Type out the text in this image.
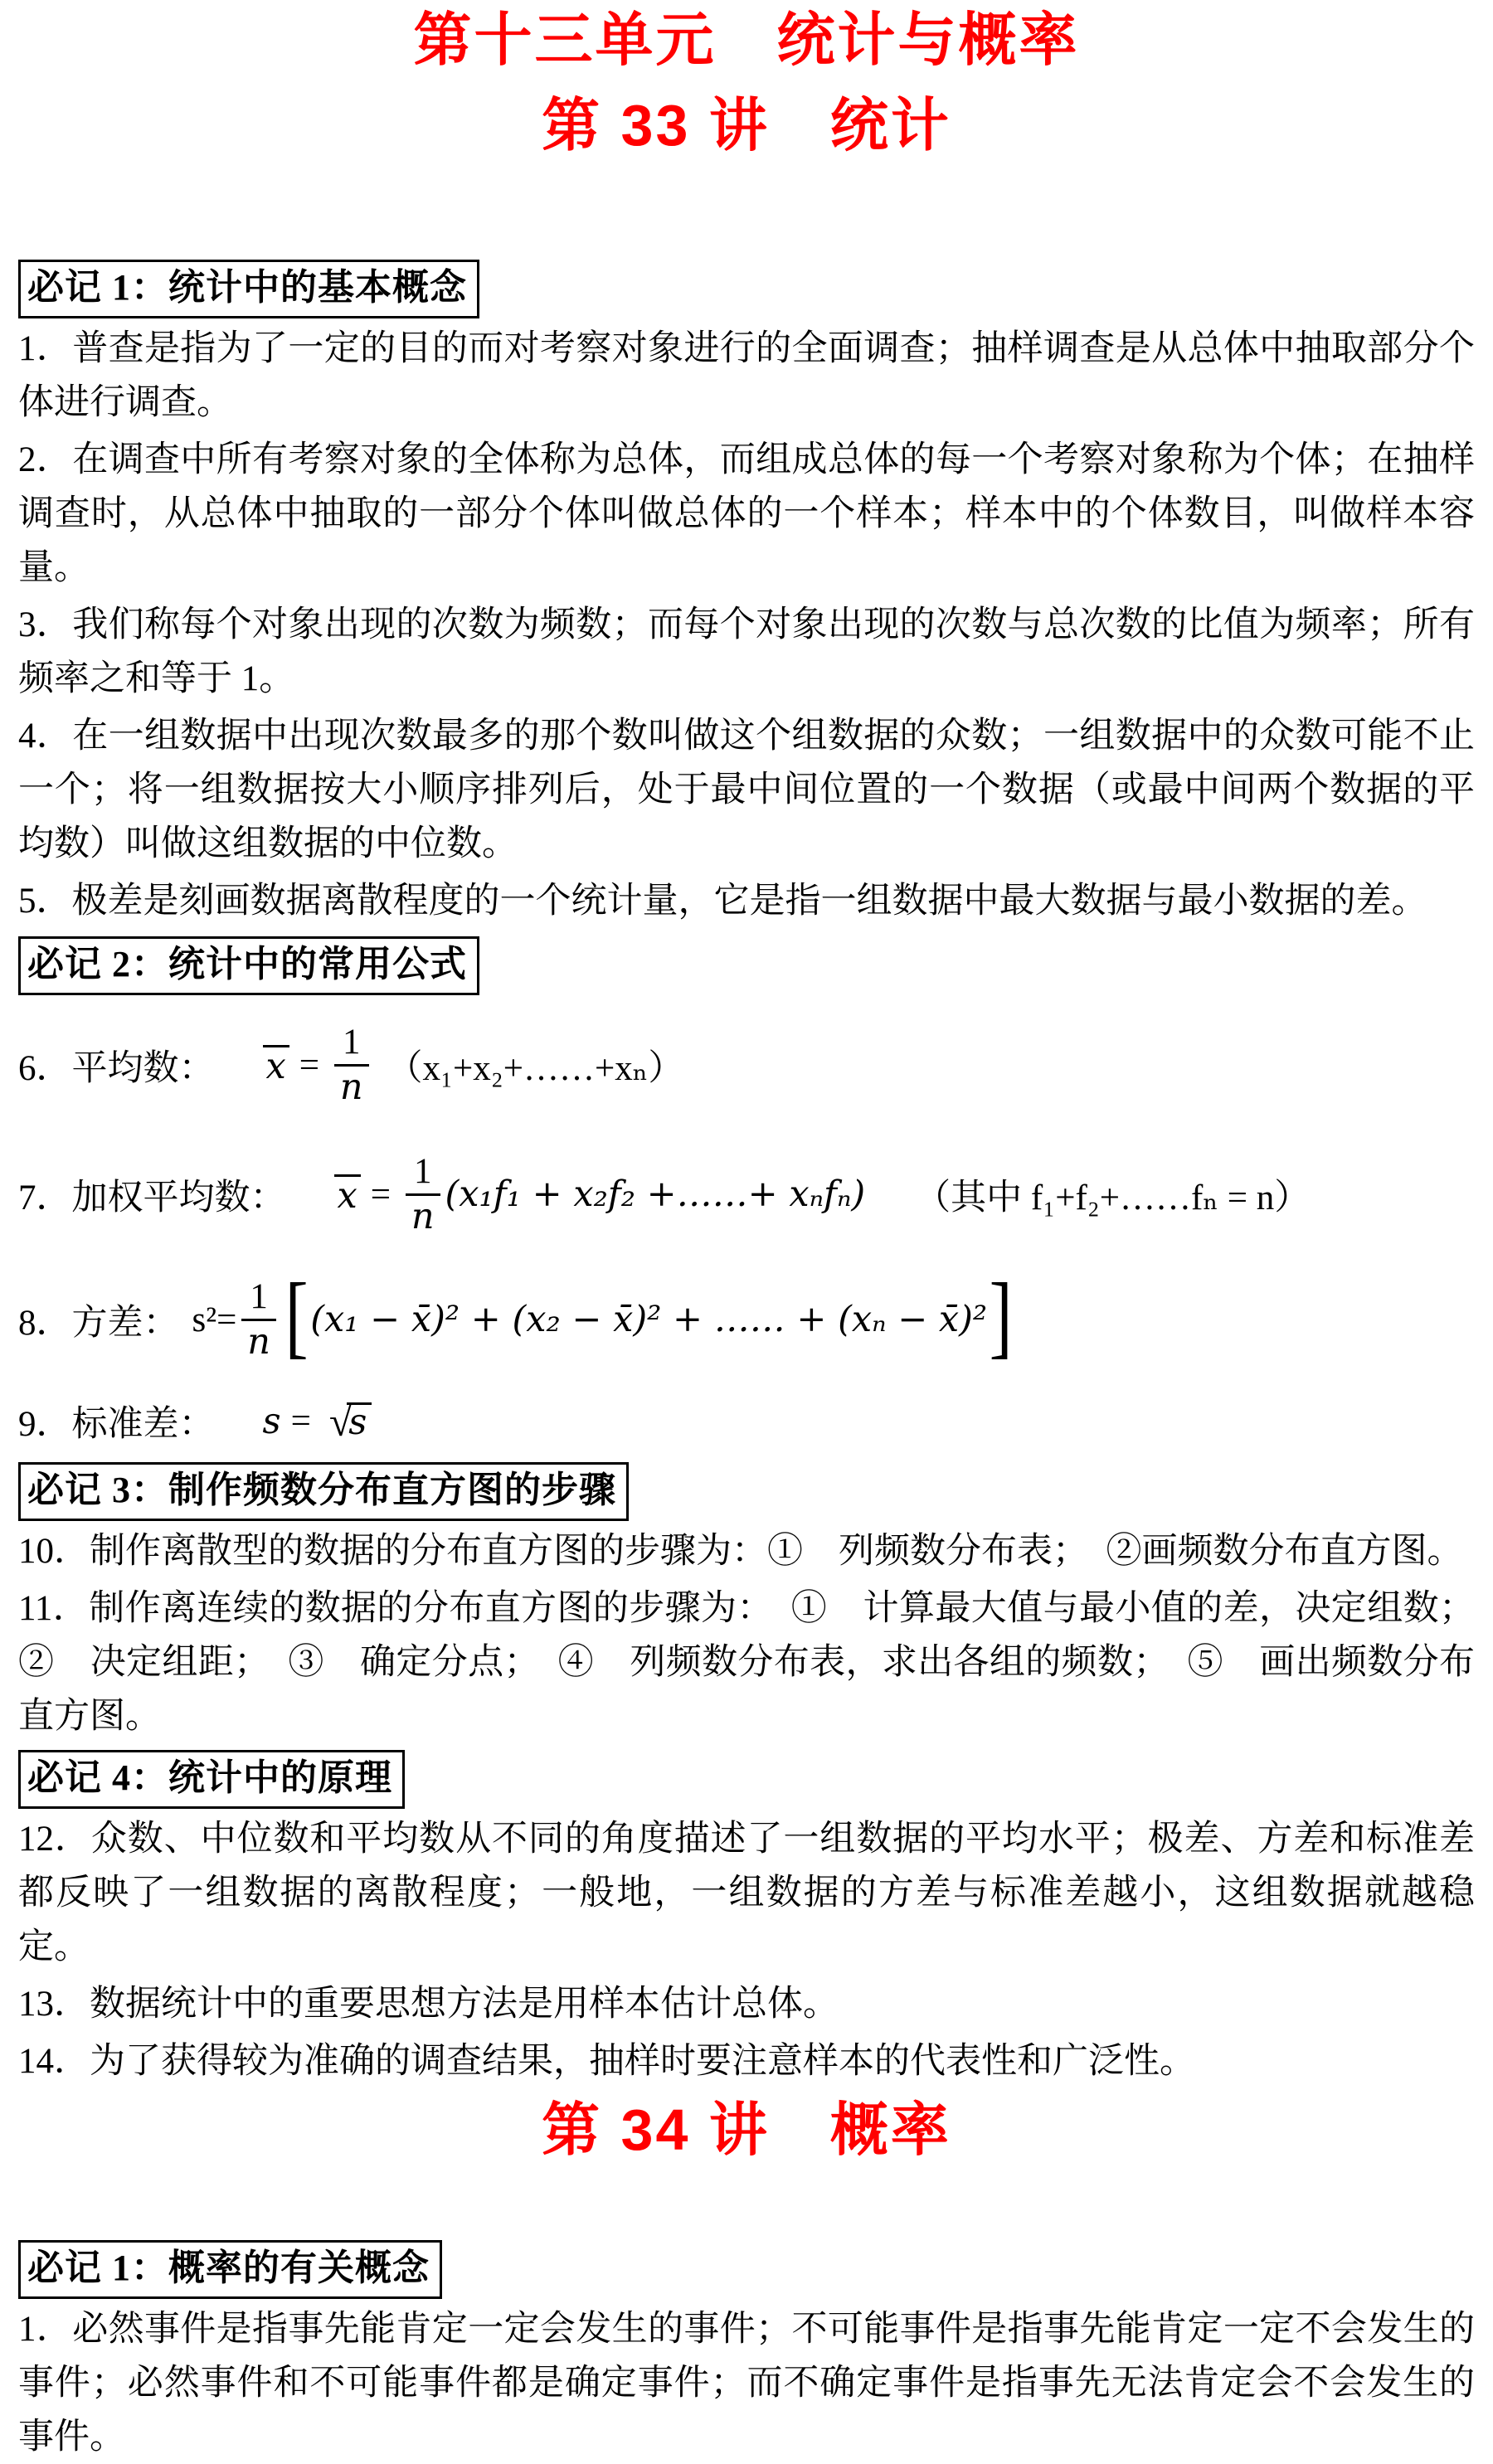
第十三单元　统计与概率
第 33 讲　统计
必记 1：统计中的基本概念

1．普查是指为了一定的目的而对考察对象进行的全面调查；抽样调查是从总体中抽取部分个体进行调查。

2．在调查中所有考察对象的全体称为总体，而组成总体的每一个考察对象称为个体；在抽样调查时，从总体中抽取的一部分个体叫做总体的一个样本；样本中的个体数目，叫做样本容量。

3．我们称每个对象出现的次数为频数；而每个对象出现的次数与总次数的比值为频率；所有频率之和等于 1。

4．在一组数据中出现次数最多的那个数叫做这个组数据的众数；一组数据中的众数可能不止一个；将一组数据按大小顺序排列后，处于最中间位置的一个数据（或最中间两个数据的平均数）叫做这组数据的中位数。

5．极差是刻画数据离散程度的一个统计量，它是指一组数据中最大数据与最小数据的差。

必记 2：统计中的常用公式
6．平均数： $x = \frac{1}{n}$ （x₁+x₂+……+xₙ）
7．加权平均数： $x = \frac{1}{n} (x_1f_1 + x_2f_2$ +……+ xₙfₙ) （其中 f₁+f₂+……fₙ = n）
8．方差： $s^2= \frac{1}{n}$ [ (x₁ − x̄)² + (x₂ − x̄)² + …… + (xₙ − x̄)² ]
9．标准差： s = √
s
必记 3：制作频数分布直方图的步骤

10．制作离散型的数据的分布直方图的步骤为：①　列频数分布表；　②画频数分布直方图。

11．制作离连续的数据的分布直方图的步骤为：　①　计算最大值与最小值的差，决定组数；②　决定组距；　③　确定分点；　④　列频数分布表，求出各组的频数；　⑤　画出频数分布直方图。

必记 4：统计中的原理

12．众数、中位数和平均数从不同的角度描述了一组数据的平均水平；极差、方差和标准差都反映了一组数据的离散程度；一般地，一组数据的方差与标准差越小，这组数据就越稳定。

13．数据统计中的重要思想方法是用样本估计总体。

14．为了获得较为准确的调查结果，抽样时要注意样本的代表性和广泛性。

第 34 讲　概率
必记 1：概率的有关概念

1．必然事件是指事先能肯定一定会发生的事件；不可能事件是指事先能肯定一定不会发生的事件；必然事件和不可能事件都是确定事件；而不确定事件是指事先无法肯定会不会发生的事件。
